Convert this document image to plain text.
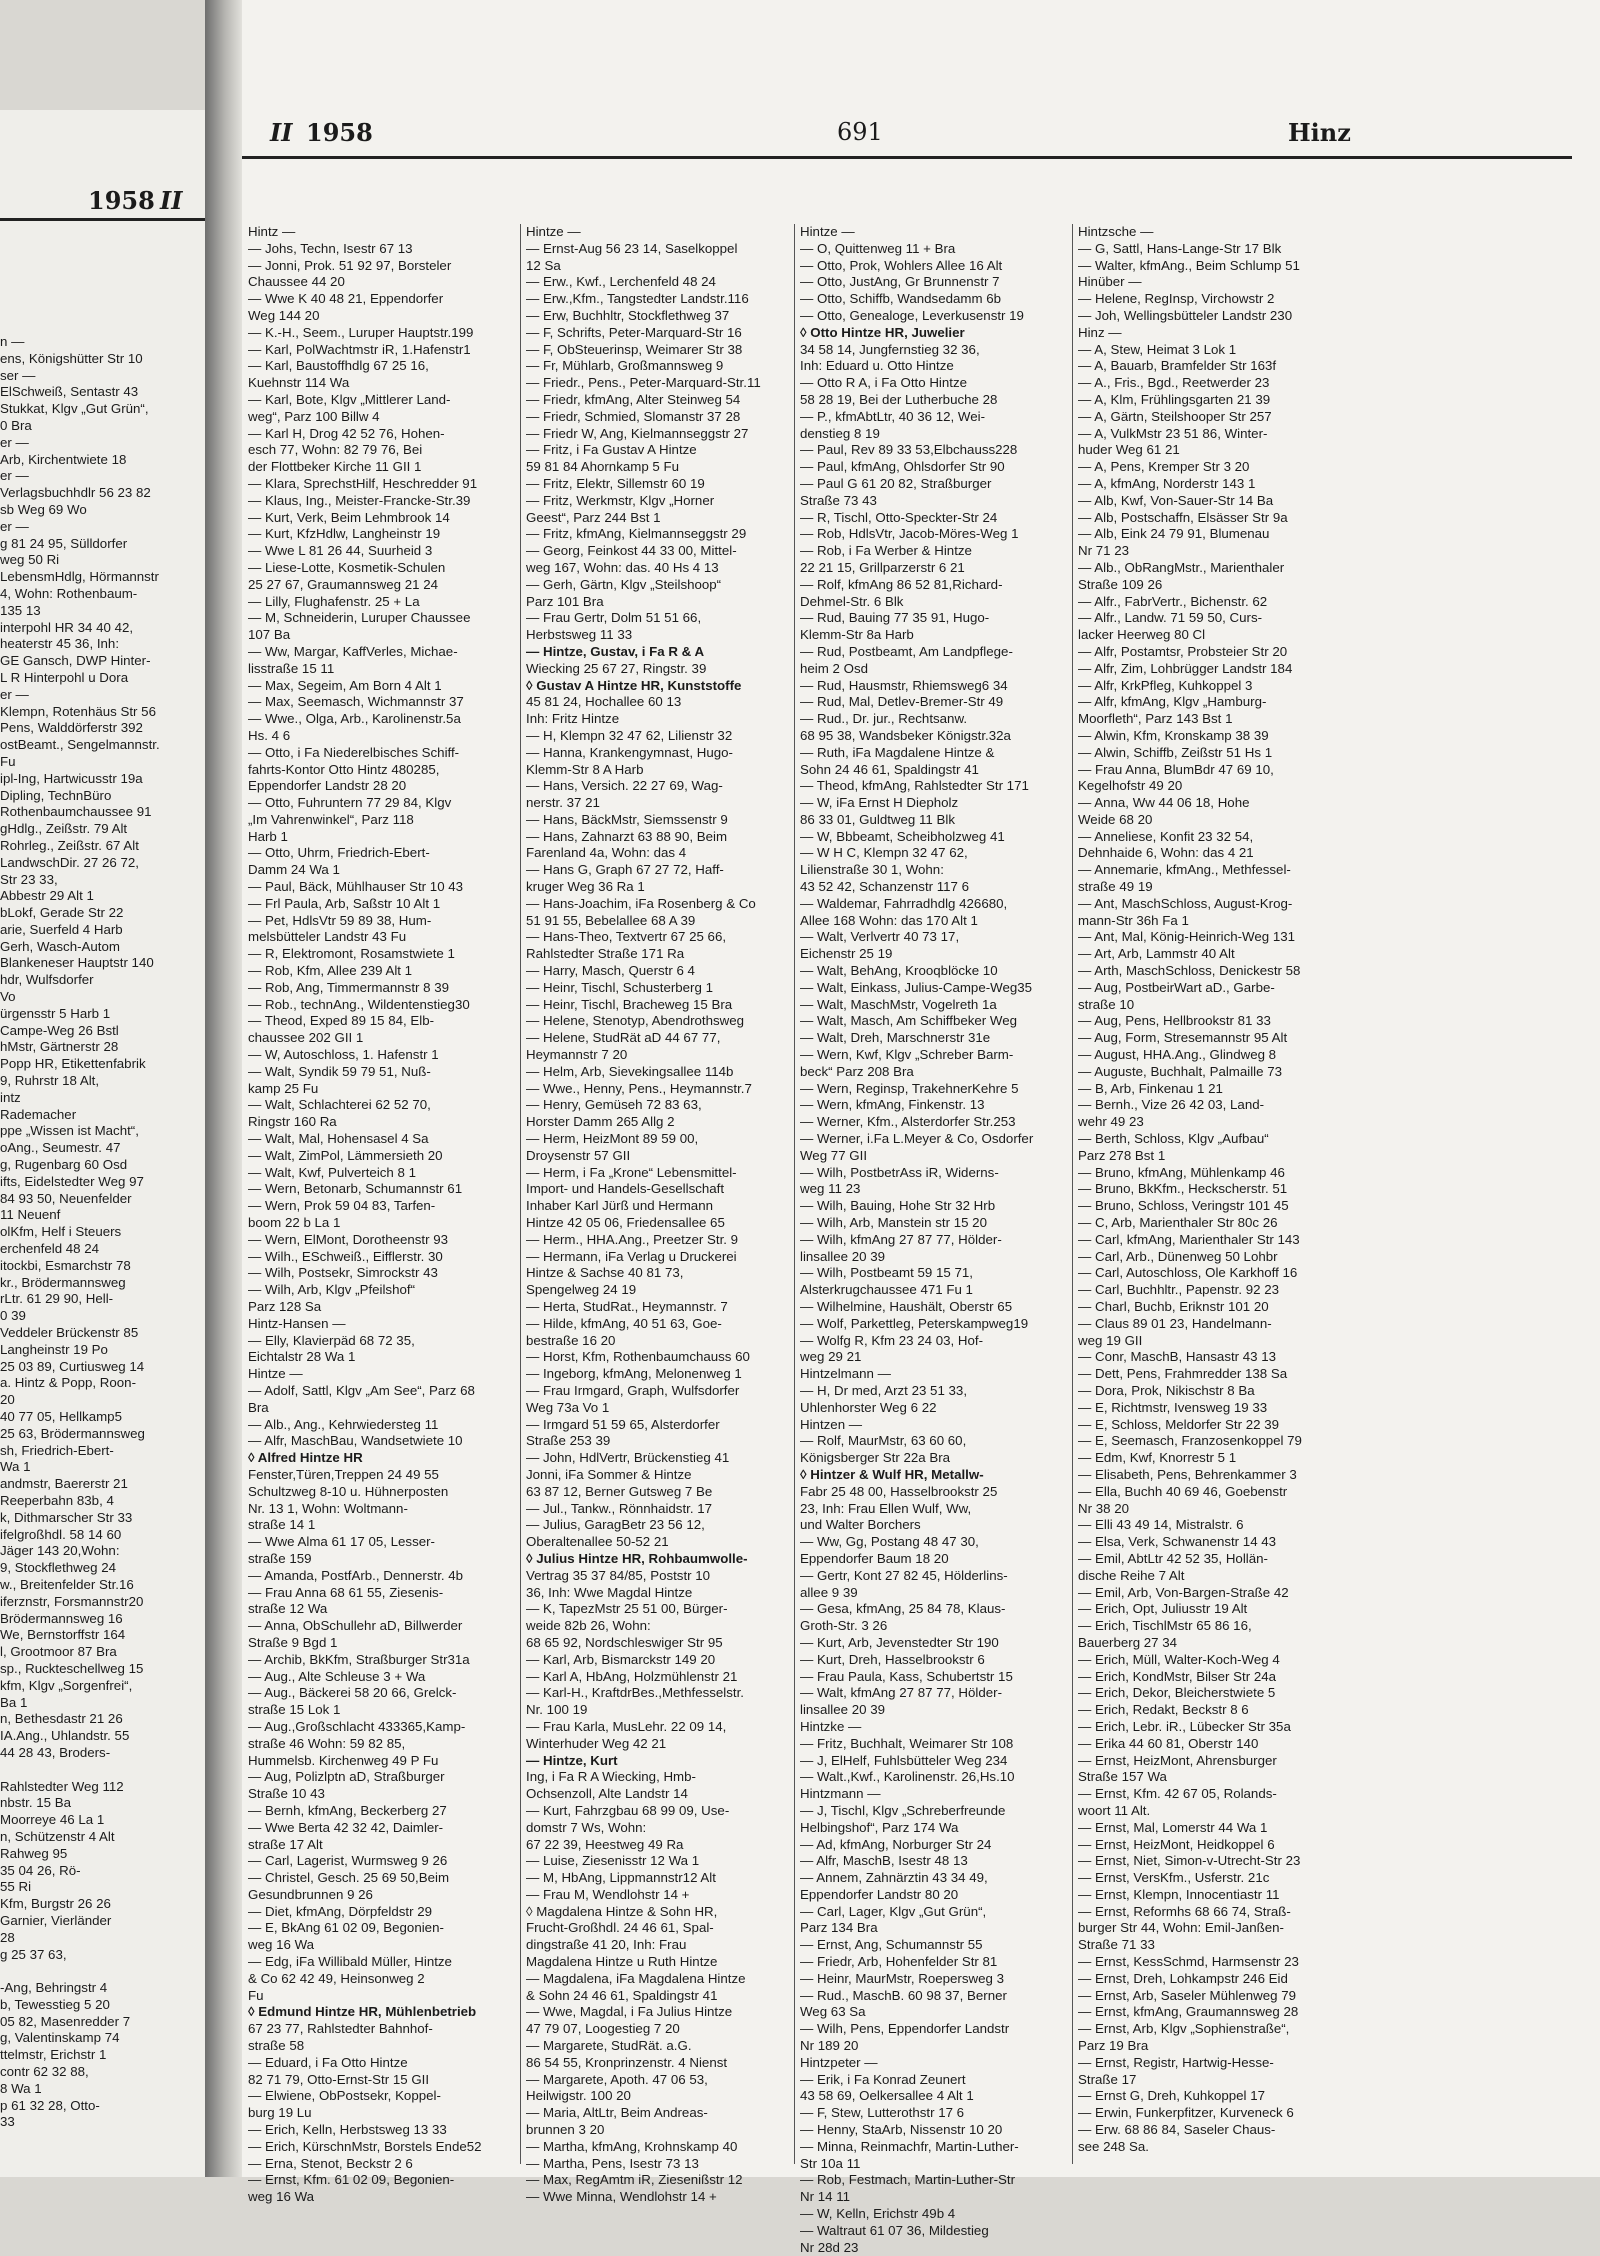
1958 II
n —
ens, Königshütter Str 10
ser —
ElSchweiß, Sentastr 43
Stukkat, Klgv „Gut Grün“,
0 Bra
er —
Arb, Kirchentwiete 18
er —
Verlagsbuchhdlr 56 23 82
sb Weg 69 Wo
er —
g 81 24 95, Sülldorfer
weg 50 Ri
LebensmHdlg, Hörmannstr
4, Wohn: Rothenbaum-
135 13
interpohl HR 34 40 42,
heaterstr 45 36, Inh:
GE Gansch, DWP Hinter-
L R Hinterpohl u Dora
er —
Klempn, Rotenhäus Str 56
Pens, Walddörferstr 392
ostBeamt., Sengelmannstr.
Fu
ipl-Ing, Hartwicusstr 19a
Dipling, TechnBüro
Rothenbaumchaussee 91
gHdlg., Zeißstr. 79 Alt
Rohrleg., Zeißstr. 67 Alt
LandwschDir. 27 26 72,
Str 23 33,
Abbestr 29 Alt 1
bLokf, Gerade Str 22
arie, Suerfeld 4 Harb
Gerh, Wasch-Autom
Blankeneser Hauptstr 140
hdr, Wulfsdorfer
Vo
ürgensstr 5 Harb 1
Campe-Weg 26 Bstl
hMstr, Gärtnerstr 28
Popp HR, Etikettenfabrik
9, Ruhrstr 18 Alt,
intz
Rademacher
ppe „Wissen ist Macht“,
oAng., Seumestr. 47
g, Rugenbarg 60 Osd
ifts, Eidelstedter Weg 97
84 93 50, Neuenfelder
11 Neuenf
olKfm, Helf i Steuers
erchenfeld 48 24
itockbi, Esmarchstr 78
kr., Brödermannsweg
rLtr. 61 29 90, Hell-
0 39
Veddeler Brückenstr 85
Langheinstr 19 Po
25 03 89, Curtiusweg 14
a. Hintz & Popp, Roon-
20
40 77 05, Hellkamp5
25 63, Brödermannsweg
sh, Friedrich-Ebert-
Wa 1
andmstr, Baererstr 21
Reeperbahn 83b, 4
k, Dithmarscher Str 33
ifelgroßhdl. 58 14 60
Jäger 143 20,Wohn:
9, Stockflethweg 24
w., Breitenfelder Str.16
iferznstr, Forsmannstr20
Brödermannsweg 16
We, Bernstorffstr 164
l, Grootmoor 87 Bra
sp., Ruckteschellweg 15
kfm, Klgv „Sorgenfrei“,
Ba 1
n, Bethesdastr 21 26
IA.Ang., Uhlandstr. 55
44 28 43, Broders-
Rahlstedter Weg 112
nbstr. 15 Ba
Moorreye 46 La 1
n, Schützenstr 4 Alt
Rahweg 95
35 04 26, Rö-
55 Ri
Kfm, Burgstr 26 26
Garnier, Vierländer
28
g 25 37 63,
-Ang, Behringstr 4
b, Tewesstieg 5 20
05 82, Masenredder 7
g, Valentinskamp 74
ttelmstr, Erichstr 1
contr 62 32 88,
8 Wa 1
p 61 32 28, Otto-
33
II 1958	691	Hinz
Hintz —
— Johs, Techn, Isestr 67 13
— Jonni, Prok. 51 92 97, Borsteler
Chaussee 44 20
— Wwe K 40 48 21, Eppendorfer
Weg 144 20
— K.-H., Seem., Luruper Hauptstr.199
— Karl, PolWachtmstr iR, 1.Hafenstr1
— Karl, Baustoffhdlg 67 25 16,
Kuehnstr 114 Wa
— Karl, Bote, Klgv „Mittlerer Land-
weg“, Parz 100 Billw 4
— Karl H, Drog 42 52 76, Hohen-
esch 77, Wohn: 82 79 76, Bei
der Flottbeker Kirche 11 GII 1
— Klara, SprechstHilf, Heschredder 91
— Klaus, Ing., Meister-Francke-Str.39
— Kurt, Verk, Beim Lehmbrook 14
— Kurt, KfzHdlw, Langheinstr 19
— Wwe L 81 26 44, Suurheid 3
— Liese-Lotte, Kosmetik-Schulen
25 27 67, Graumannsweg 21 24
— Lilly, Flughafenstr. 25 + La
— M, Schneiderin, Luruper Chaussee
107 Ba
— Ww, Margar, KaffVerles, Michae-
lisstraße 15 11
— Max, Segeim, Am Born 4 Alt 1
— Max, Seemasch, Wichmannstr 37
— Wwe., Olga, Arb., Karolinenstr.5a
Hs. 4 6
— Otto, i Fa Niederelbisches Schiff-
fahrts-Kontor Otto Hintz 480285,
Eppendorfer Landstr 28 20
— Otto, Fuhruntern 77 29 84, Klgv
„Im Vahrenwinkel“, Parz 118
Harb 1
— Otto, Uhrm, Friedrich-Ebert-
Damm 24 Wa 1
— Paul, Bäck, Mühlhauser Str 10 43
— Frl Paula, Arb, Saßstr 10 Alt 1
— Pet, HdlsVtr 59 89 38, Hum-
melsbütteler Landstr 43 Fu
— R, Elektromont, Rosamstwiete 1
— Rob, Kfm, Allee 239 Alt 1
— Rob, Ang, Timmermannstr 8 39
— Rob., technAng., Wildentenstieg30
— Theod, Exped 89 15 84, Elb-
chaussee 202 GII 1
— W, Autoschloss, 1. Hafenstr 1
— Walt, Syndik 59 79 51, Nuß-
kamp 25 Fu
— Walt, Schlachterei 62 52 70,
Ringstr 160 Ra
— Walt, Mal, Hohensasel 4 Sa
— Walt, ZimPol, Lämmersieth 20
— Walt, Kwf, Pulverteich 8 1
— Wern, Betonarb, Schumannstr 61
— Wern, Prok 59 04 83, Tarfen-
boom 22 b La 1
— Wern, ElMont, Dorotheenstr 93
— Wilh., ESchweiß., Eifflerstr. 30
— Wilh, Postsekr, Simrockstr 43
— Wilh, Arb, Klgv „Pfeilshof“
Parz 128 Sa
Hintz-Hansen —
— Elly, Klavierpäd 68 72 35,
Eichtalstr 28 Wa 1
Hintze —
— Adolf, Sattl, Klgv „Am See“, Parz 68
Bra
— Alb., Ang., Kehrwiedersteg 11
— Alfr, MaschBau, Wandsetwiete 10
◊ Alfred Hintze HR
Fenster,Türen,Treppen 24 49 55
Schultzweg 8-10 u. Hühnerposten
Nr. 13 1, Wohn: Woltmann-
straße 14 1
— Wwe Alma 61 17 05, Lesser-
straße 159
— Amanda, PostfArb., Dennerstr. 4b
— Frau Anna 68 61 55, Ziesenis-
straße 12 Wa
— Anna, ObSchullehr aD, Billwerder
Straße 9 Bgd 1
— Archib, BkKfm, Straßburger Str31a
— Aug., Alte Schleuse 3 + Wa
— Aug., Bäckerei 58 20 66, Grelck-
straße 15 Lok 1
— Aug.,Großschlacht 433365,Kamp-
straße 46 Wohn: 59 82 85,
Hummelsb. Kirchenweg 49 P Fu
— Aug, Polizlptn aD, Straßburger
Straße 10 43
— Bernh, kfmAng, Beckerberg 27
— Wwe Berta 42 32 42, Daimler-
straße 17 Alt
— Carl, Lagerist, Wurmsweg 9 26
— Christel, Gesch. 25 69 50,Beim
Gesundbrunnen 9 26
— Diet, kfmAng, Dörpfeldstr 29
— E, BkAng 61 02 09, Begonien-
weg 16 Wa
— Edg, iFa Willibald Müller, Hintze
& Co 62 42 49, Heinsonweg 2
Fu
◊ Edmund Hintze HR, Mühlenbetrieb
67 23 77, Rahlstedter Bahnhof-
straße 58
— Eduard, i Fa Otto Hintze
82 71 79, Otto-Ernst-Str 15 GII
— Elwiene, ObPostsekr, Koppel-
burg 19 Lu
— Erich, Kelln, Herbstsweg 13 33
— Erich, KürschnMstr, Borstels Ende52
— Erna, Stenot, Beckstr 2 6
— Ernst, Kfm. 61 02 09, Begonien-
weg 16 Wa
Hintze —
— Ernst-Aug 56 23 14, Saselkoppel
12 Sa
— Erw., Kwf., Lerchenfeld 48 24
— Erw.,Kfm., Tangstedter Landstr.116
— Erw, Buchhltr, Stockflethweg 37
— F, Schrifts, Peter-Marquard-Str 16
— F, ObSteuerinsp, Weimarer Str 38
— Fr, Mühlarb, Großmannsweg 9
— Friedr., Pens., Peter-Marquard-Str.11
— Friedr, kfmAng, Alter Steinweg 54
— Friedr, Schmied, Slomanstr 37 28
— Friedr W, Ang, Kielmannseggstr 27
— Fritz, i Fa Gustav A Hintze
59 81 84 Ahornkamp 5 Fu
— Fritz, Elektr, Sillemstr 60 19
— Fritz, Werkmstr, Klgv „Horner
Geest“, Parz 244 Bst 1
— Fritz, kfmAng, Kielmannseggstr 29
— Georg, Feinkost 44 33 00, Mittel-
weg 167, Wohn: das. 40 Hs 4 13
— Gerh, Gärtn, Klgv „Steilshoop“
Parz 101 Bra
— Frau Gertr, Dolm 51 51 66,
Herbstsweg 11 33
— Hintze, Gustav, i Fa R & A
Wiecking 25 67 27, Ringstr. 39
◊ Gustav A Hintze HR, Kunststoffe
45 81 24, Hochallee 60 13
Inh: Fritz Hintze
— H, Klempn 32 47 62, Lilienstr 32
— Hanna, Krankengymnast, Hugo-
Klemm-Str 8 A Harb
— Hans, Versich. 22 27 69, Wag-
nerstr. 37 21
— Hans, BäckMstr, Siemssenstr 9
— Hans, Zahnarzt 63 88 90, Beim
Farenland 4a, Wohn: das 4
— Hans G, Graph 67 27 72, Haff-
kruger Weg 36 Ra 1
— Hans-Joachim, iFa Rosenberg & Co
51 91 55, Bebelallee 68 A 39
— Hans-Theo, Textvertr 67 25 66,
Rahlstedter Straße 171 Ra
— Harry, Masch, Querstr 6 4
— Heinr, Tischl, Schusterberg 1
— Heinr, Tischl, Bracheweg 15 Bra
— Helene, Stenotyp, Abendrothsweg
— Helene, StudRät aD 44 67 77,
Heymannstr 7 20
— Helm, Arb, Sievekingsallee 114b
— Wwe., Henny, Pens., Heymannstr.7
— Henry, Gemüseh 72 83 63,
Horster Damm 265 Allg 2
— Herm, HeizMont 89 59 00,
Droysenstr 57 GII
— Herm, i Fa „Krone“ Lebensmittel-
Import- und Handels-Gesellschaft
Inhaber Karl Jürß und Hermann
Hintze 42 05 06, Friedensallee 65
— Herm., HHA.Ang., Preetzer Str. 9
— Hermann, iFa Verlag u Druckerei
Hintze & Sachse 40 81 73,
Spengelweg 24 19
— Herta, StudRat., Heymannstr. 7
— Hilde, kfmAng, 40 51 63, Goe-
bestraße 16 20
— Horst, Kfm, Rothenbaumchauss 60
— Ingeborg, kfmAng, Melonenweg 1
— Frau Irmgard, Graph, Wulfsdorfer
Weg 73a Vo 1
— Irmgard 51 59 65, Alsterdorfer
Straße 253 39
— John, HdlVertr, Brückenstieg 41
Jonni, iFa Sommer & Hintze
63 87 12, Berner Gutsweg 7 Be
— Jul., Tankw., Rönnhaidstr. 17
— Julius, GaragBetr 23 56 12,
Oberaltenallee 50-52 21
◊ Julius Hintze HR, Rohbaumwolle-
Vertrag 35 37 84/85, Poststr 10
36, Inh: Wwe Magdal Hintze
— K, TapezMstr 25 51 00, Bürger-
weide 82b 26, Wohn:
68 65 92, Nordschleswiger Str 95
— Karl, Arb, Bismarckstr 149 20
— Karl A, HbAng, Holzmühlenstr 21
— Karl-H., KraftdrBes.,Methfesselstr.
Nr. 100 19
— Frau Karla, MusLehr. 22 09 14,
Winterhuder Weg 42 21
— Hintze, Kurt
Ing, i Fa R A Wiecking, Hmb-
Ochsenzoll, Alte Landstr 14
— Kurt, Fahrzgbau 68 99 09, Use-
domstr 7 Ws, Wohn:
67 22 39, Heestweg 49 Ra
— Luise, Ziesenisstr 12 Wa 1
— M, HbAng, Lippmannstr12 Alt
— Frau M, Wendlohstr 14 +
◊ Magdalena Hintze & Sohn HR,
Frucht-Großhdl. 24 46 61, Spal-
dingstraße 41 20, Inh: Frau
Magdalena Hintze u Ruth Hintze
— Magdalena, iFa Magdalena Hintze
& Sohn 24 46 61, Spaldingstr 41
— Wwe, Magdal, i Fa Julius Hintze
47 79 07, Loogestieg 7 20
— Margarete, StudRät. a.G.
86 54 55, Kronprinzenstr. 4 Nienst
— Margarete, Apoth. 47 06 53,
Heilwigstr. 100 20
— Maria, AltLtr, Beim Andreas-
brunnen 3 20
— Martha, kfmAng, Krohnskamp 40
— Martha, Pens, Isestr 73 13
— Max, RegAmtm iR, Ziesenißstr 12
— Wwe Minna, Wendlohstr 14 +
Hintze —
— O, Quittenweg 11 + Bra
— Otto, Prok, Wohlers Allee 16 Alt
— Otto, JustAng, Gr Brunnenstr 7
— Otto, Schiffb, Wandsedamm 6b
— Otto, Genealoge, Leverkusenstr 19
◊ Otto Hintze HR, Juwelier
34 58 14, Jungfernstieg 32 36,
Inh: Eduard u. Otto Hintze
— Otto R A, i Fa Otto Hintze
58 28 19, Bei der Lutherbuche 28
— P., kfmAbtLtr, 40 36 12, Wei-
denstieg 8 19
— Paul, Rev 89 33 53,Elbchauss228
— Paul, kfmAng, Ohlsdorfer Str 90
— Paul G 61 20 82, Straßburger
Straße 73 43
— R, Tischl, Otto-Speckter-Str 24
— Rob, HdlsVtr, Jacob-Möres-Weg 1
— Rob, i Fa Werber & Hintze
22 21 15, Grillparzerstr 6 21
— Rolf, kfmAng 86 52 81,Richard-
Dehmel-Str. 6 Blk
— Rud, Bauing 77 35 91, Hugo-
Klemm-Str 8a Harb
— Rud, Postbeamt, Am Landpflege-
heim 2 Osd
— Rud, Hausmstr, Rhiemsweg6 34
— Rud, Mal, Detlev-Bremer-Str 49
— Rud., Dr. jur., Rechtsanw.
68 95 38, Wandsbeker Königstr.32a
— Ruth, iFa Magdalene Hintze &
Sohn 24 46 61, Spaldingstr 41
— Theod, kfmAng, Rahlstedter Str 171
— W, iFa Ernst H Diepholz
86 33 01, Guldtweg 11 Blk
— W, Bbbeamt, Scheibholzweg 41
— W H C, Klempn 32 47 62,
Lilienstraße 30 1, Wohn:
43 52 42, Schanzenstr 117 6
— Waldemar, Fahrradhdlg 426680,
Allee 168 Wohn: das 170 Alt 1
— Walt, Verlvertr 40 73 17,
Eichenstr 25 19
— Walt, BehAng, Krooqblöcke 10
— Walt, Einkass, Julius-Campe-Weg35
— Walt, MaschMstr, Vogelreth 1a
— Walt, Masch, Am Schiffbeker Weg
— Walt, Dreh, Marschnerstr 31e
— Wern, Kwf, Klgv „Schreber Barm-
beck“ Parz 208 Bra
— Wern, Reginsp, TrakehnerKehre 5
— Wern, kfmAng, Finkenstr. 13
— Werner, Kfm., Alsterdorfer Str.253
— Werner, i.Fa L.Meyer & Co, Osdorfer
Weg 77 GII
— Wilh, PostbetrAss iR, Widerns-
weg 11 23
— Wilh, Bauing, Hohe Str 32 Hrb
— Wilh, Arb, Manstein str 15 20
— Wilh, kfmAng 27 87 77, Hölder-
linsallee 20 39
— Wilh, Postbeamt 59 15 71,
Alsterkrugchaussee 471 Fu 1
— Wilhelmine, Haushält, Oberstr 65
— Wolf, Parkettleg, Peterskampweg19
— Wolfg R, Kfm 23 24 03, Hof-
weg 29 21
Hintzelmann —
— H, Dr med, Arzt 23 51 33,
Uhlenhorster Weg 6 22
Hintzen —
— Rolf, MaurMstr, 63 60 60,
Königsberger Str 22a Bra
◊ Hintzer & Wulf HR, Metallw-
Fabr 25 48 00, Hasselbrookstr 25
23, Inh: Frau Ellen Wulf, Ww,
und Walter Borchers
— Ww, Gg, Postang 48 47 30,
Eppendorfer Baum 18 20
— Gertr, Kont 27 82 45, Hölderlins-
allee 9 39
— Gesa, kfmAng, 25 84 78, Klaus-
Groth-Str. 3 26
— Kurt, Arb, Jevenstedter Str 190
— Kurt, Dreh, Hasselbrookstr 6
— Frau Paula, Kass, Schubertstr 15
— Walt, kfmAng 27 87 77, Hölder-
linsallee 20 39
Hintzke —
— Fritz, Buchhalt, Weimarer Str 108
— J, ElHelf, Fuhlsbütteler Weg 234
— Walt.,Kwf., Karolinenstr. 26,Hs.10
Hintzmann —
— J, Tischl, Klgv „Schreberfreunde
Helbingshof“, Parz 174 Wa
— Ad, kfmAng, Norburger Str 24
— Alfr, MaschB, Isestr 48 13
— Annem, Zahnärztin 43 34 49,
Eppendorfer Landstr 80 20
— Carl, Lager, Klgv „Gut Grün“,
Parz 134 Bra
— Ernst, Ang, Schumannstr 55
— Friedr, Arb, Hohenfelder Str 81
— Heinr, MaurMstr, Roepersweg 3
— Rud., MaschB. 60 98 37, Berner
Weg 63 Sa
— Wilh, Pens, Eppendorfer Landstr
Nr 189 20
Hintzpeter —
— Erik, i Fa Konrad Zeunert
43 58 69, Oelkersallee 4 Alt 1
— F, Stew, Lutterothstr 17 6
— Henny, StaArb, Nissenstr 10 20
— Minna, Reinmachfr, Martin-Luther-
Str 10a 11
— Rob, Festmach, Martin-Luther-Str
Nr 14 11
— W, Kelln, Erichstr 49b 4
— Waltraut 61 07 36, Mildestieg
Nr 28d 23
Hintzsche —
— G, Sattl, Hans-Lange-Str 17 Blk
— Walter, kfmAng., Beim Schlump 51
Hinüber —
— Helene, RegInsp, Virchowstr 2
— Joh, Wellingsbütteler Landstr 230
Hinz —
— A, Stew, Heimat 3 Lok 1
— A, Bauarb, Bramfelder Str 163f
— A., Fris., Bgd., Reetwerder 23
— A, Klm, Frühlingsgarten 21 39
— A, Gärtn, Steilshooper Str 257
— A, VulkMstr 23 51 86, Winter-
huder Weg 61 21
— A, Pens, Kremper Str 3 20
— A, kfmAng, Norderstr 143 1
— Alb, Kwf, Von-Sauer-Str 14 Ba
— Alb, Postschaffn, Elsässer Str 9a
— Alb, Eink 24 79 91, Blumenau
Nr 71 23
— Alb., ObRangMstr., Marienthaler
Straße 109 26
— Alfr., FabrVertr., Bichenstr. 62
— Alfr., Landw. 71 59 50, Curs-
lacker Heerweg 80 Cl
— Alfr, Postamtsr, Probsteier Str 20
— Alfr, Zim, Lohbrügger Landstr 184
— Alfr, KrkPfleg, Kuhkoppel 3
— Alfr, kfmAng, Klgv „Hamburg-
Moorfleth“, Parz 143 Bst 1
— Alwin, Kfm, Kronskamp 38 39
— Alwin, Schiffb, Zeißstr 51 Hs 1
— Frau Anna, BlumBdr 47 69 10,
Kegelhofstr 49 20
— Anna, Ww 44 06 18, Hohe
Weide 68 20
— Anneliese, Konfit 23 32 54,
Dehnhaide 6, Wohn: das 4 21
— Annemarie, kfmAng., Methfessel-
straße 49 19
— Ant, MaschSchloss, August-Krog-
mann-Str 36h Fa 1
— Ant, Mal, König-Heinrich-Weg 131
— Art, Arb, Lammstr 40 Alt
— Arth, MaschSchloss, Denickestr 58
— Aug, PostbeirWart aD., Garbe-
straße 10
— Aug, Pens, Hellbrookstr 81 33
— Aug, Form, Stresemannstr 95 Alt
— August, HHA.Ang., Glindweg 8
— Auguste, Buchhalt, Palmaille 73
— B, Arb, Finkenau 1 21
— Bernh., Vize 26 42 03, Land-
wehr 49 23
— Berth, Schloss, Klgv „Aufbau“
Parz 278 Bst 1
— Bruno, kfmAng, Mühlenkamp 46
— Bruno, BkKfm., Heckscherstr. 51
— Bruno, Schloss, Veringstr 101 45
— C, Arb, Marienthaler Str 80c 26
— Carl, kfmAng, Marienthaler Str 143
— Carl, Arb., Dünenweg 50 Lohbr
— Carl, Autoschloss, Ole Karkhoff 16
— Carl, Buchhltr., Papenstr. 92 23
— Charl, Buchb, Eriknstr 101 20
— Claus 89 01 23, Handelmann-
weg 19 GII
— Conr, MaschB, Hansastr 43 13
— Dett, Pens, Frahmredder 138 Sa
— Dora, Prok, Nikischstr 8 Ba
— E, Richtmstr, Ivensweg 19 33
— E, Schloss, Meldorfer Str 22 39
— E, Seemasch, Franzosenkoppel 79
— Edm, Kwf, Knorrestr 5 1
— Elisabeth, Pens, Behrenkammer 3
— Ella, Buchh 40 69 46, Goebenstr
Nr 38 20
— Elli 43 49 14, Mistralstr. 6
— Elsa, Verk, Schwanenstr 14 43
— Emil, AbtLtr 42 52 35, Hollän-
dische Reihe 7 Alt
— Emil, Arb, Von-Bargen-Straße 42
— Erich, Opt, Juliusstr 19 Alt
— Erich, TischlMstr 65 86 16,
Bauerberg 27 34
— Erich, Müll, Walter-Koch-Weg 4
— Erich, KondMstr, Bilser Str 24a
— Erich, Dekor, Bleicherstwiete 5
— Erich, Redakt, Beckstr 8 6
— Erich, Lebr. iR., Lübecker Str 35a
— Erika 44 60 81, Oberstr 140
— Ernst, HeizMont, Ahrensburger
Straße 157 Wa
— Ernst, Kfm. 42 67 05, Rolands-
woort 11 Alt.
— Ernst, Mal, Lomerstr 44 Wa 1
— Ernst, HeizMont, Heidkoppel 6
— Ernst, Niet, Simon-v-Utrecht-Str 23
— Ernst, VersKfm., Usferstr. 21c
— Ernst, Klempn, Innocentiastr 11
— Ernst, Reformhs 68 66 74, Straß-
burger Str 44, Wohn: Emil-Janßen-
Straße 71 33
— Ernst, KessSchmd, Harmsenstr 23
— Ernst, Dreh, Lohkampstr 246 Eid
— Ernst, Arb, Saseler Mühlenweg 79
— Ernst, kfmAng, Graumannsweg 28
— Ernst, Arb, Klgv „Sophienstraße“,
Parz 19 Bra
— Ernst, Registr, Hartwig-Hesse-
Straße 17
— Ernst G, Dreh, Kuhkoppel 17
— Erwin, Funkerpfitzer, Kurveneck 6
— Erw. 68 86 84, Saseler Chaus-
see 248 Sa.
